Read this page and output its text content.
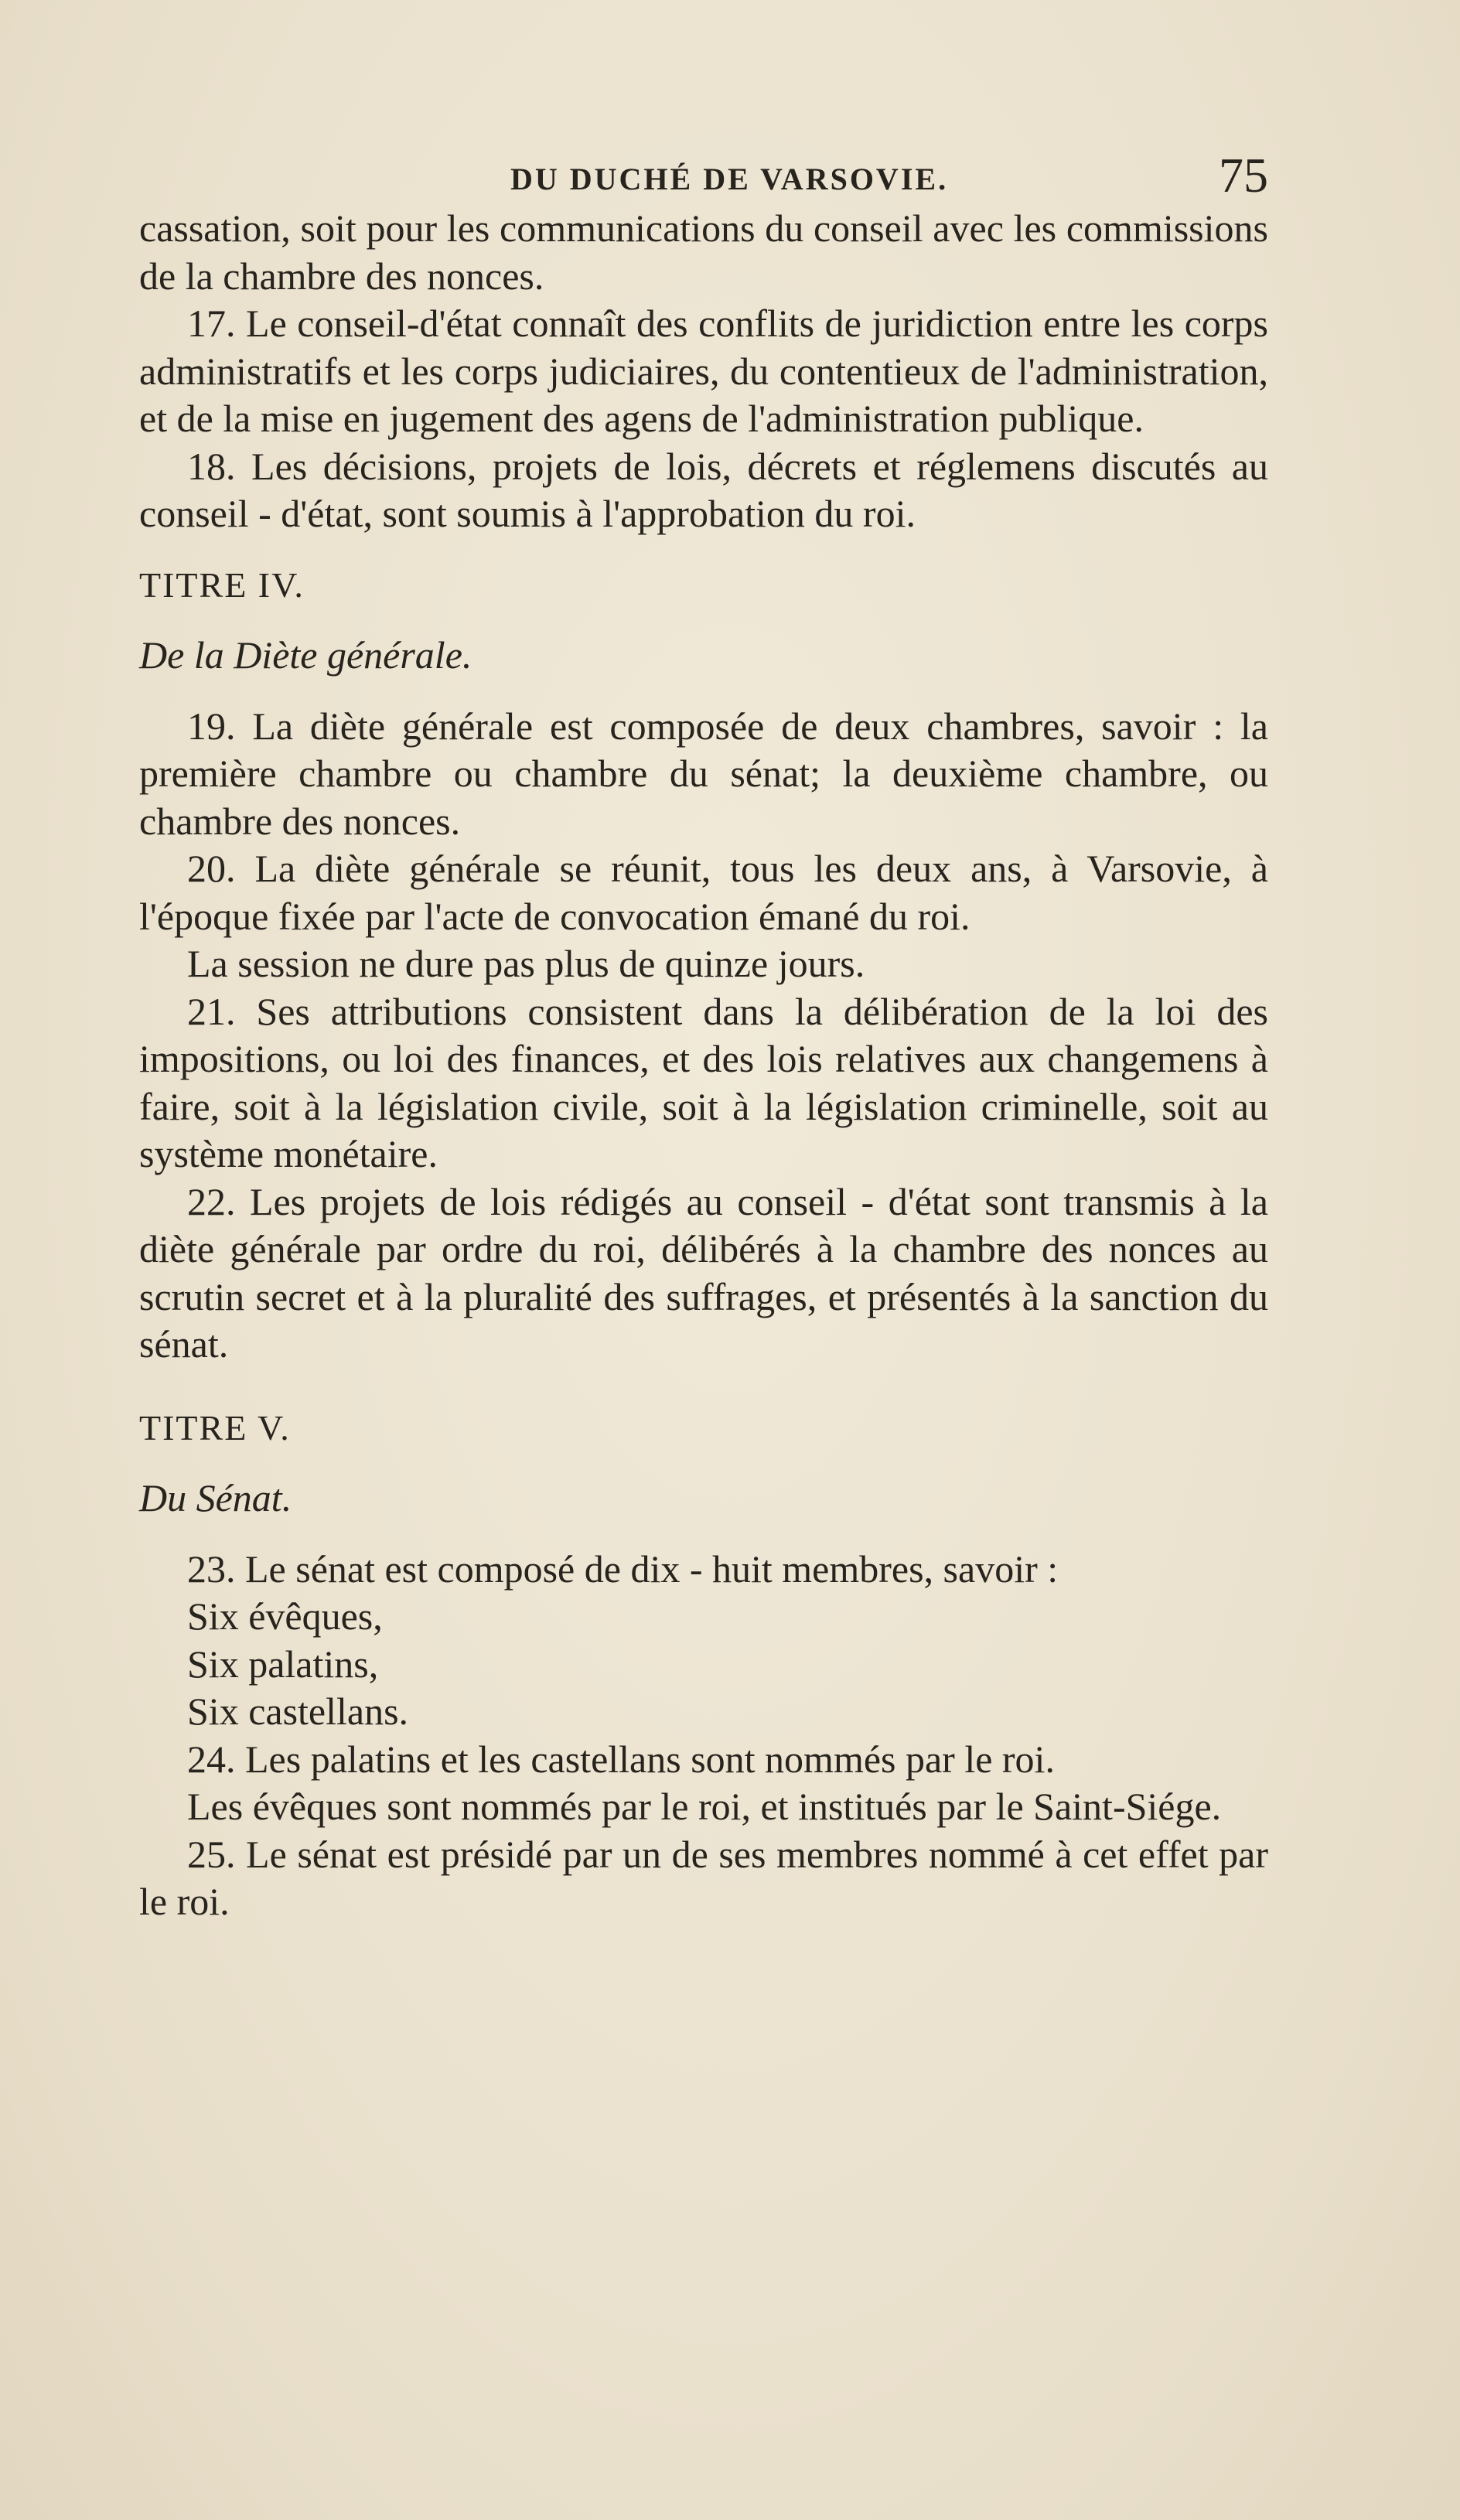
DU DUCHÉ DE VARSOVIE.	75

cassation, soit pour les communications du conseil avec les commissions de la chambre des nonces.

17. Le conseil-d'état connaît des conflits de juridiction entre les corps administratifs et les corps judiciaires, du contentieux de l'administration, et de la mise en jugement des agens de l'administration publique.

18. Les décisions, projets de lois, décrets et réglemens discutés au conseil - d'état, sont soumis à l'approbation du roi.

TITRE IV.

De la Diète générale.

19. La diète générale est composée de deux chambres, savoir : la première chambre ou chambre du sénat; la deuxième chambre, ou chambre des nonces.

20. La diète générale se réunit, tous les deux ans, à Varsovie, à l'époque fixée par l'acte de convocation émané du roi.

La session ne dure pas plus de quinze jours.

21. Ses attributions consistent dans la délibération de la loi des impositions, ou loi des finances, et des lois relatives aux changemens à faire, soit à la législation civile, soit à la législation criminelle, soit au système monétaire.

22. Les projets de lois rédigés au conseil - d'état sont transmis à la diète générale par ordre du roi, délibérés à la chambre des nonces au scrutin secret et à la pluralité des suffrages, et présentés à la sanction du sénat.

TITRE V.

Du Sénat.

23. Le sénat est composé de dix - huit membres, savoir :

Six évêques,

Six palatins,

Six castellans.

24. Les palatins et les castellans sont nommés par le roi.

Les évêques sont nommés par le roi, et institués par le Saint-Siége.

25. Le sénat est présidé par un de ses membres nommé à cet effet par le roi.
